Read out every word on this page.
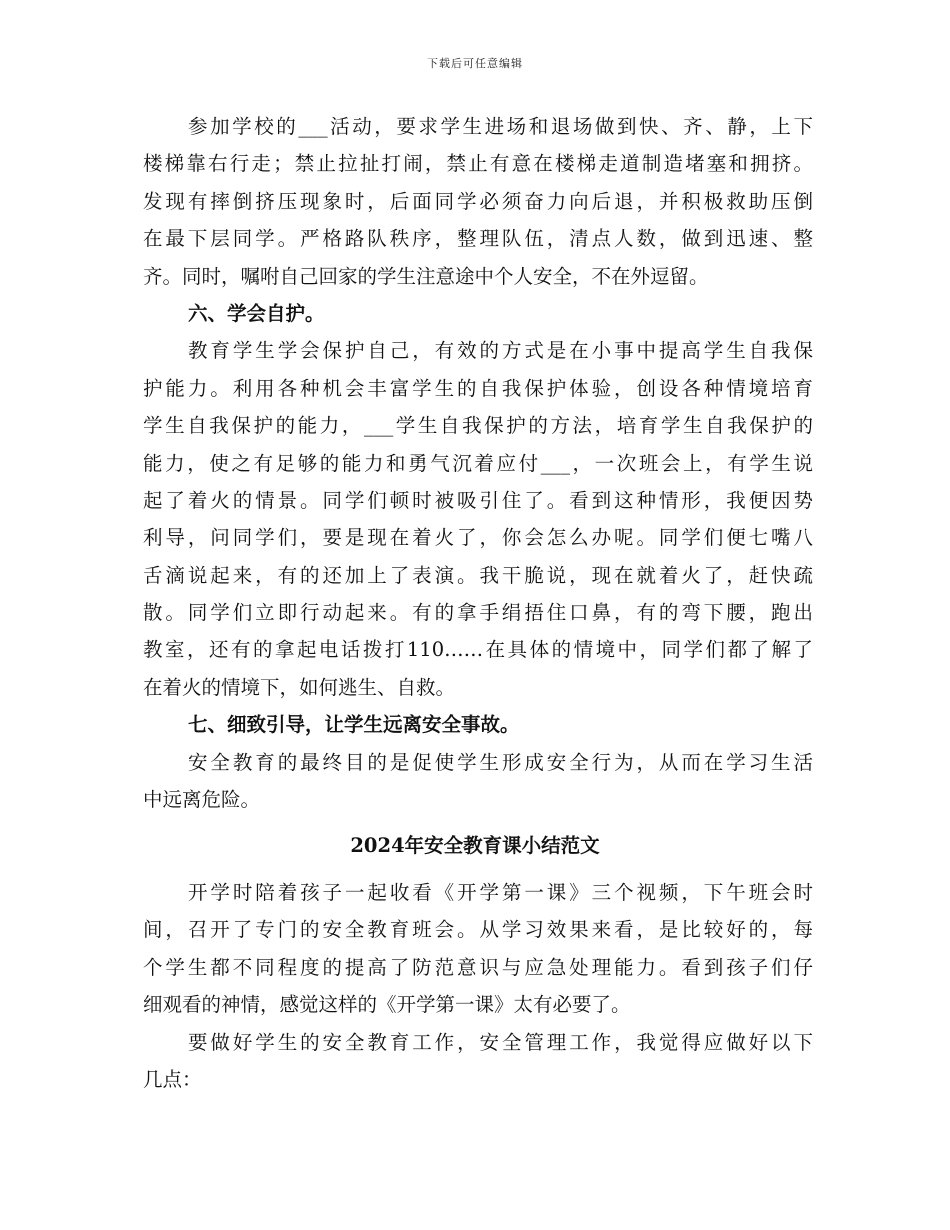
下载后可任意编辑
参加学校的___活动，要求学生进场和退场做到快、齐、静，上下
楼梯靠右行走；禁止拉扯打闹，禁止有意在楼梯走道制造堵塞和拥挤。
发现有摔倒挤压现象时，后面同学必须奋力向后退，并积极救助压倒
在最下层同学。严格路队秩序，整理队伍，清点人数，做到迅速、整
齐。同时，嘱咐自己回家的学生注意途中个人安全，不在外逗留。
六、学会自护。
教育学生学会保护自己，有效的方式是在小事中提高学生自我保
护能力。利用各种机会丰富学生的自我保护体验，创设各种情境培育
学生自我保护的能力，___学生自我保护的方法，培育学生自我保护的
能力，使之有足够的能力和勇气沉着应付___，一次班会上，有学生说
起了着火的情景。同学们顿时被吸引住了。看到这种情形，我便因势
利导，问同学们，要是现在着火了，你会怎么办呢。同学们便七嘴八
舌滴说起来，有的还加上了表演。我干脆说，现在就着火了，赶快疏
散。同学们立即行动起来。有的拿手绢捂住口鼻，有的弯下腰，跑出
教室，还有的拿起电话拨打110……在具体的情境中，同学们都了解了
在着火的情境下，如何逃生、自救。
七、细致引导，让学生远离安全事故。
安全教育的最终目的是促使学生形成安全行为，从而在学习生活
中远离危险。
2024年安全教育课小结范文
开学时陪着孩子一起收看《开学第一课》三个视频，下午班会时
间，召开了专门的安全教育班会。从学习效果来看，是比较好的，每
个学生都不同程度的提高了防范意识与应急处理能力。看到孩子们仔
细观看的神情，感觉这样的《开学第一课》太有必要了。
要做好学生的安全教育工作，安全管理工作，我觉得应做好以下
几点：
